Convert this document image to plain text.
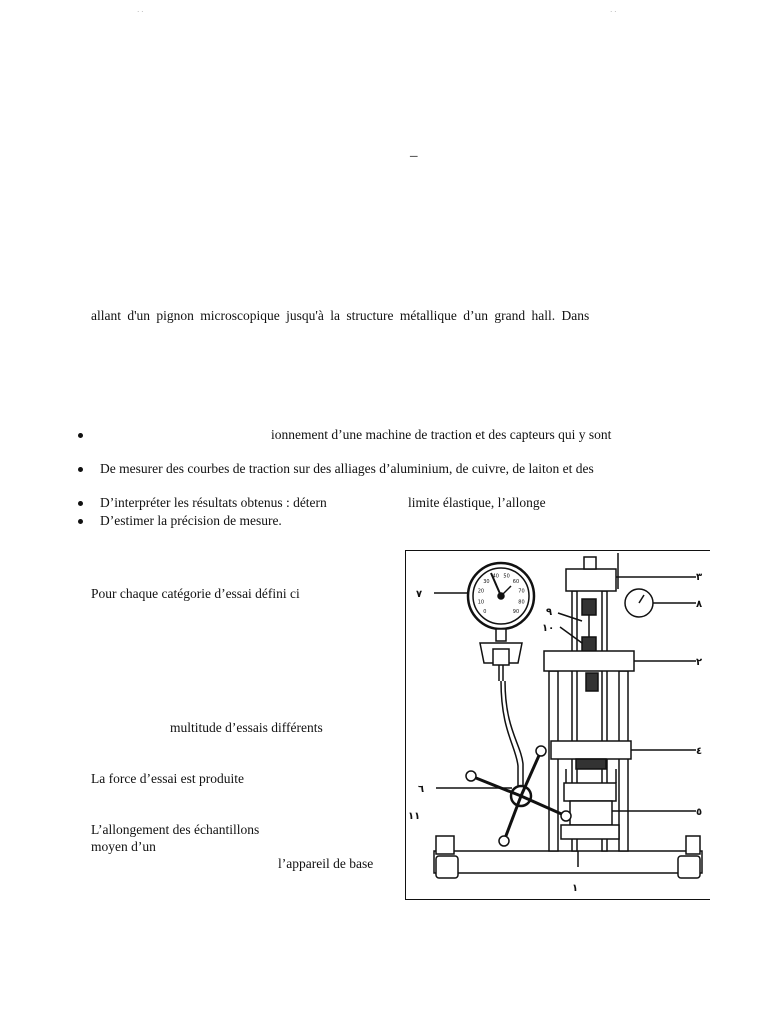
· ·	· ·
–
allant d'un pignon microscopique jusqu'à la structure métallique d’un grand hall. Dans
ionnement d’une machine de traction et des capteurs qui y sont
De mesurer des courbes de traction sur des alliages d’aluminium, de cuivre, de laiton et des
D’interpréter les résultats obtenus : détern	limite élastique, l’allonge
D’estimer la précision de mesure.
Pour chaque catégorie d’essai défini ci
multitude d’essais différents
La force d’essai est produite
L’allongement des échantillons
moyen d’un
l’appareil de base
٧
٣
٨
٩
١٠
٢
٤
٦
٥
١١
١
0
10
20
30
40 50
60
70
80
90
